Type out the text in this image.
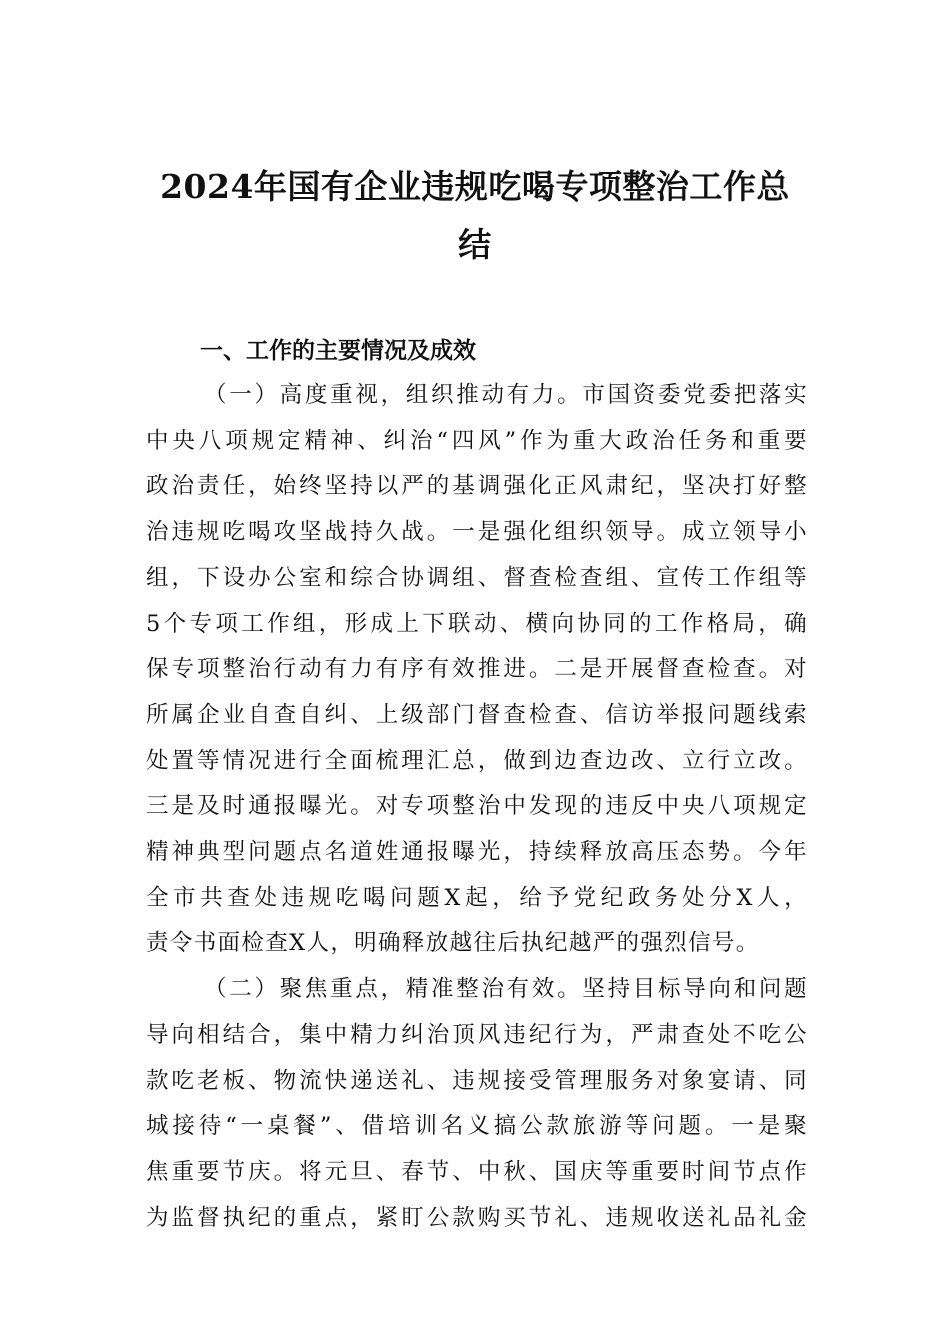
2024年国有企业违规吃喝专项整治工作总
结
一、工作的主要情况及成效

（一）高度重视，组织推动有力。市国资委党委把落实
中央八项规定精神、纠治“四风”作为重大政治任务和重要
政治责任，始终坚持以严的基调强化正风肃纪，坚决打好整
治违规吃喝攻坚战持久战。一是强化组织领导。成立领导小
组，下设办公室和综合协调组、督查检查组、宣传工作组等
5个专项工作组，形成上下联动、横向协同的工作格局，确
保专项整治行动有力有序有效推进。二是开展督查检查。对
所属企业自查自纠、上级部门督查检查、信访举报问题线索
处置等情况进行全面梳理汇总，做到边查边改、立行立改。
三是及时通报曝光。对专项整治中发现的违反中央八项规定
精神典型问题点名道姓通报曝光，持续释放高压态势。今年
全市共查处违规吃喝问题X起，给予党纪政务处分X人，
责令书面检查X人，明确释放越往后执纪越严的强烈信号。

（二）聚焦重点，精准整治有效。坚持目标导向和问题
导向相结合，集中精力纠治顶风违纪行为，严肃查处不吃公
款吃老板、物流快递送礼、违规接受管理服务对象宴请、同
城接待“一桌餐”、借培训名义搞公款旅游等问题。一是聚
焦重要节庆。将元旦、春节、中秋、国庆等重要时间节点作
为监督执纪的重点，紧盯公款购买节礼、违规收送礼品礼金
